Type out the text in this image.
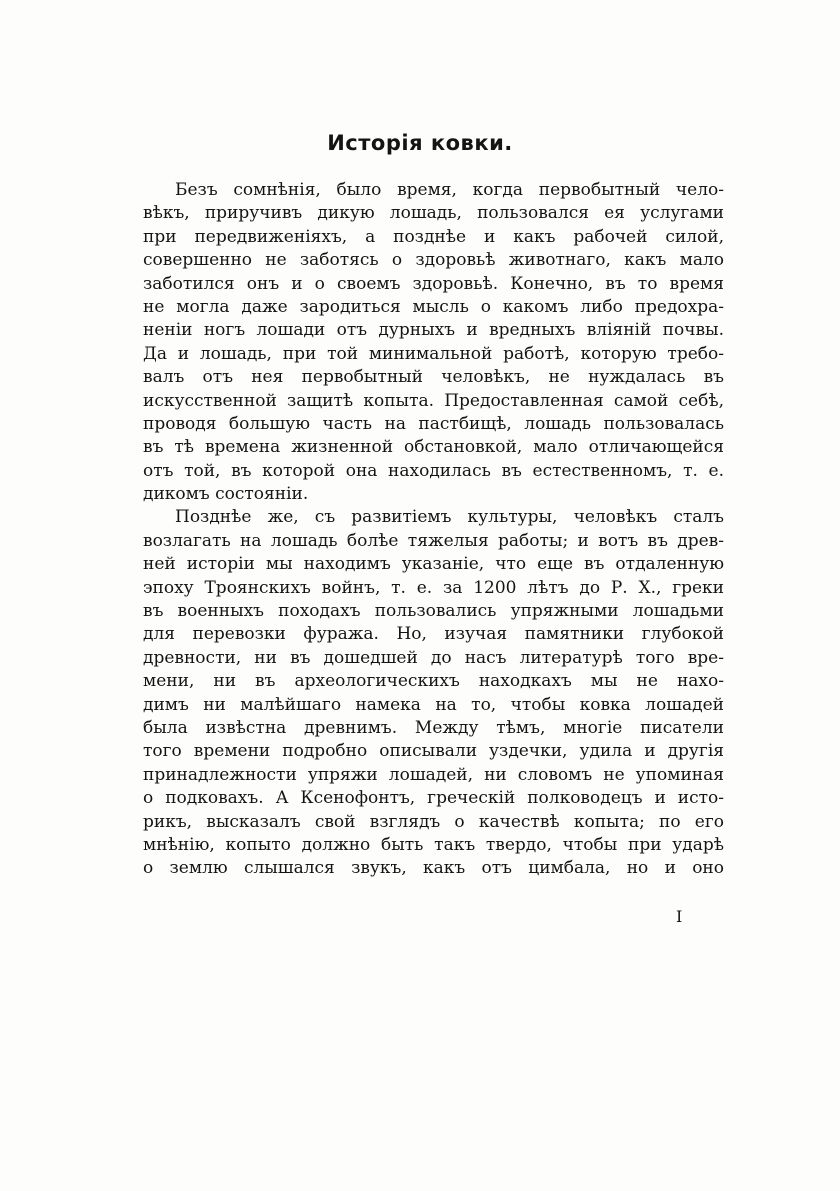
Исторія ковки.
Безъ сомнѣнія, было время, когда первобытный чело-
вѣкъ, приручивъ дикую лошадь, пользовался ея услугами
при передвиженіяхъ, а позднѣе и какъ рабочей силой,
совершенно не заботясь о здоровьѣ животнаго, какъ мало
заботился онъ и о своемъ здоровьѣ. Конечно, въ то время
не могла даже зародиться мысль о какомъ либо предохра-
неніи ногъ лошади отъ дурныхъ и вредныхъ вліяній почвы.
Да и лошадь, при той минимальной работѣ, которую требо-
валъ отъ нея первобытный человѣкъ, не нуждалась въ
искусственной защитѣ копыта. Предоставленная самой себѣ,
проводя большую часть на пастбищѣ, лошадь пользовалась
въ тѣ времена жизненной обстановкой, мало отличающейся
отъ той, въ которой она находилась въ естественномъ, т. е.
дикомъ состояніи.
Позднѣе же, съ развитіемъ культуры, человѣкъ сталъ
возлагать на лошадь болѣе тяжелыя работы; и вотъ въ древ-
ней исторіи мы находимъ указаніе, что еще въ отдаленную
эпоху Троянскихъ войнъ, т. е. за 1200 лѣтъ до Р. Х., греки
въ военныхъ походахъ пользовались упряжными лошадьми
для перевозки фуража. Но, изучая памятники глубокой
древности, ни въ дошедшей до насъ литературѣ того вре-
мени, ни въ археологическихъ находкахъ мы не нахо-
димъ ни малѣйшаго намека на то, чтобы ковка лошадей
была извѣстна древнимъ. Между тѣмъ, многіе писатели
того времени подробно описывали уздечки, удила и другія
принадлежности упряжи лошадей, ни словомъ не упоминая
о подковахъ. А Ксенофонтъ, греческій полководецъ и исто-
рикъ, высказалъ свой взглядъ о качествѣ копыта; по его
мнѣнію, копыто должно быть такъ твердо, чтобы при ударѣ
о землю слышался звукъ, какъ отъ цимбала, но и оно
I
